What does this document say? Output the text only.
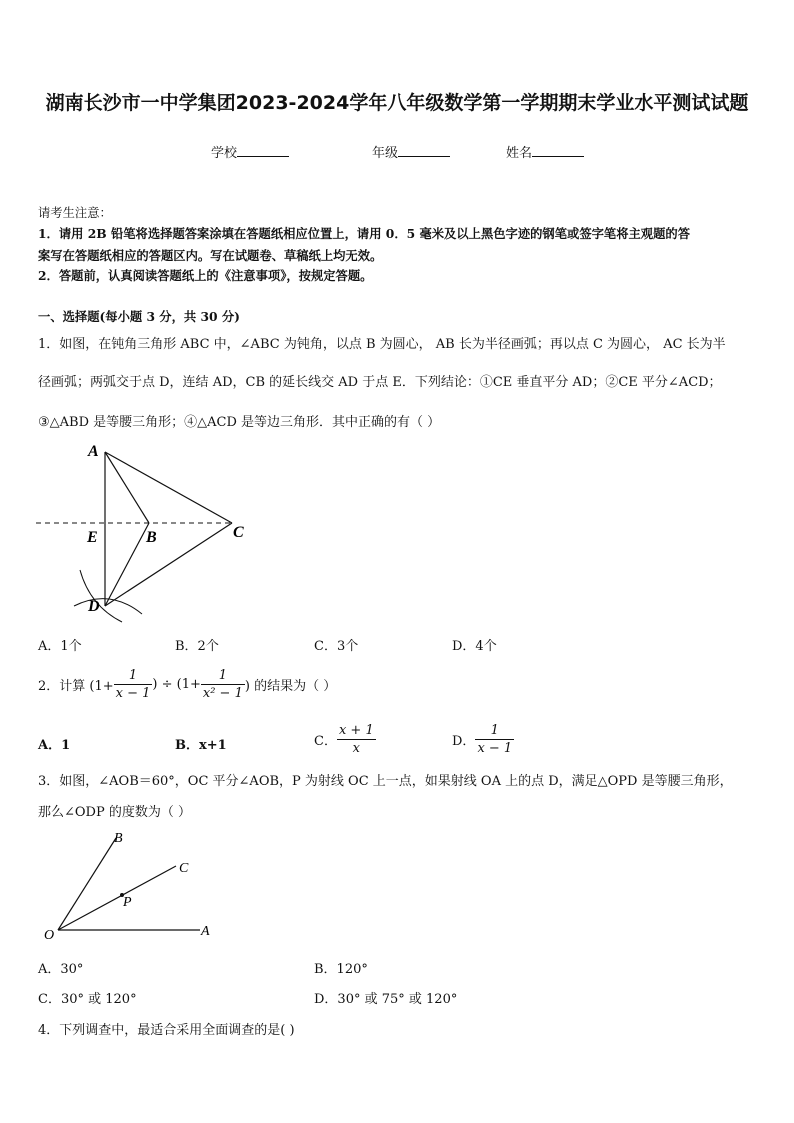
湖南长沙市一中学集团2023-2024学年八年级数学第一学期期末学业水平测试试题
学校	年级	姓名
请考生注意：
1．请用 2B 铅笔将选择题答案涂填在答题纸相应位置上，请用 0．5 毫米及以上黑色字迹的钢笔或签字笔将主观题的答
案写在答题纸相应的答题区内。写在试题卷、草稿纸上均无效。
2．答题前，认真阅读答题纸上的《注意事项》，按规定答题。
一、选择题(每小题 3 分，共 30 分)
1．如图，在钝角三角形 ABC 中，∠ABC 为钝角，以点 B 为圆心， AB 长为半径画弧；再以点 C 为圆心， AC 长为半
径画弧；两弧交于点 D，连结 AD，CB 的延长线交 AD 于点 E．下列结论：①CE 垂直平分 AD；②CE 平分∠ACD；
③△ABD 是等腰三角形；④△ACD 是等边三角形．其中正确的有（ ）
A
E	B	C
D
A．1个	B．2个	C．3个	D．4个
2．计算 ($1+ \frac{1}{x - 1}$ ) ÷ ($1+ \frac{1}{\text{x² − 1}}$ ) 的结果为（ ）
A．1	B．x+1	C． $\frac{x + 1}{x}$	D． $\frac{1}{x - 1}$
3．如图，∠AOB＝60°，OC 平分∠AOB，P 为射线 OC 上一点，如果射线 OA 上的点 D，满足△OPD 是等腰三角形，
那么∠ODP 的度数为（ ）
O	A
B
C
P
A．30°	B．120°
C．30° 或 120°	D．30° 或 75° 或 120°
4．下列调查中，最适合采用全面调查的是( )
